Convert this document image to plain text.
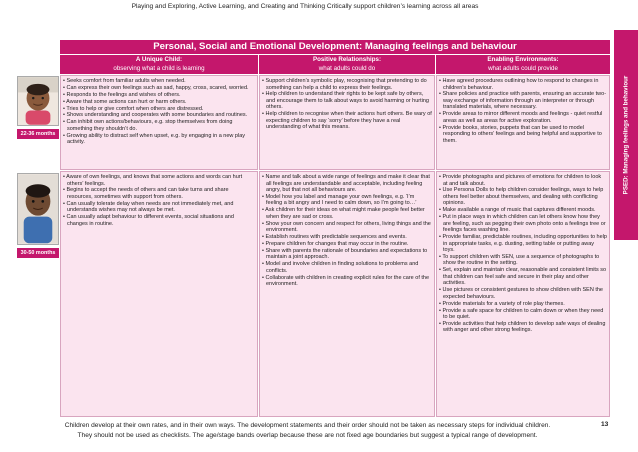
Playing and Exploring, Active Learning, and Creating and Thinking Critically support children’s learning across all areas
PSED: Managing feelings and behaviour
Personal, Social and Emotional Development: Managing feelings and behaviour
A Unique Child:
observing what a child is learning
Positive Relationships:
what adults could do
Enabling Environments:
what adults could provide
22-36 months
• Seeks comfort from familiar adults when needed.
• Can express their own feelings such as sad, happy, cross, scared, worried.
• Responds to the feelings and wishes of others.
• Aware that some actions can hurt or harm others.
• Tries to help or give comfort when others are distressed.
• Shows understanding and cooperates with some boundaries and routines.
• Can inhibit own actions/behaviours, e.g. stop themselves from doing something they shouldn’t do.
• Growing ability to distract self when upset, e.g. by engaging in a new play activity.
• Support children’s symbolic play, recognising that pretending to do something can help a child to express their feelings.
• Help children to understand their rights to be kept safe by others, and encourage them to talk about ways to avoid harming or hurting others.
• Help children to recognise when their actions hurt others. Be wary of expecting children to say ‘sorry’ before they have a real understanding of what this means.
• Have agreed procedures outlining how to respond to changes in children’s behaviour.
• Share policies and practice with parents, ensuring an accurate two-way exchange of information through an interpreter or through translated materials, where necessary.
• Provide areas to mirror different moods and feelings - quiet restful areas as well as areas for active exploration.
• Provide books, stories, puppets that can be used to model responding to others’ feelings and being helpful and supportive to them.
30-50 months
• Aware of own feelings, and knows that some actions and words can hurt others’ feelings.
• Begins to accept the needs of others and can take turns and share resources, sometimes with support from others.
• Can usually tolerate delay when needs are not immediately met, and understands wishes may not always be met.
• Can usually adapt behaviour to different events, social situations and changes in routine.
• Name and talk about a wide range of feelings and make it clear that all feelings are understandable and acceptable, including feeling angry, but that not all behaviours are.
• Model how you label and manage your own feelings, e.g. ‘I’m feeling a bit angry and I need to calm down, so I’m going to…’
• Ask children for their ideas on what might make people feel better when they are sad or cross.
• Show your own concern and respect for others, living things and the environment.
• Establish routines with predictable sequences and events.
• Prepare children for changes that may occur in the routine.
• Share with parents the rationale of boundaries and expectations to maintain a joint approach.
• Model and involve children in finding solutions to problems and conflicts.
• Collaborate with children in creating explicit rules for the care of the environment.
• Provide photographs and pictures of emotions for children to look at and talk about.
• Use Persona Dolls to help children consider feelings, ways to help others feel better about themselves, and dealing with conflicting opinions.
• Make available a range of music that captures different moods.
• Put in place ways in which children can let others know how they are feeling, such as pegging their own photo onto a feelings tree or feelings faces washing line.
• Provide familiar, predictable routines, including opportunities to help in appropriate tasks, e.g. dusting, setting table or putting away toys.
• To support children with SEN, use a sequence of photographs to show the routine in the setting.
• Set, explain and maintain clear, reasonable and consistent limits so that children can feel safe and secure in their play and other activities.
• Use pictures or consistent gestures to show children with SEN the expected behaviours.
• Provide materials for a variety of role play themes.
• Provide a safe space for children to calm down or when they need to be quiet.
• Provide activities that help children to develop safe ways of dealing with anger and other strong feelings.
Children develop at their own rates, and in their own ways. The development statements and their order should not be taken as necessary steps for individual children.
They should not be used as checklists. The age/stage bands overlap because these are not fixed age boundaries but suggest a typical range of development.
13
